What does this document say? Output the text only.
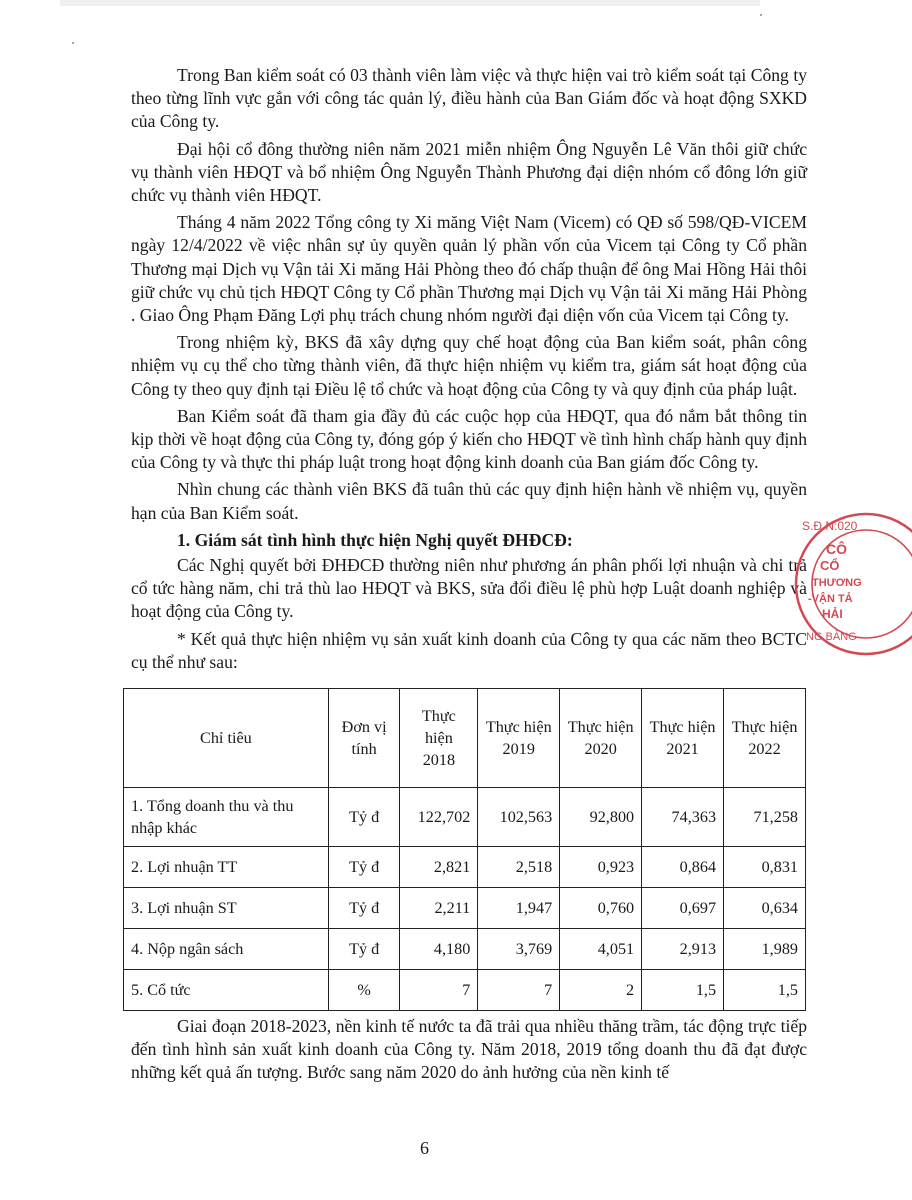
Trong Ban kiểm soát có 03 thành viên làm việc và thực hiện vai trò kiểm soát tại Công ty theo từng lĩnh vực gắn với công tác quản lý, điều hành của Ban Giám đốc và hoạt động SXKD của Công ty.

Đại hội cổ đông thường niên năm 2021 miễn nhiệm Ông Nguyễn Lê Văn thôi giữ chức vụ thành viên HĐQT và bổ nhiệm Ông Nguyễn Thành Phương đại diện nhóm cổ đông lớn giữ chức vụ thành viên HĐQT.

Tháng 4 năm 2022 Tổng công ty Xi măng Việt Nam (Vicem) có QĐ số 598/QĐ-VICEM ngày 12/4/2022 về việc nhân sự ủy quyền quản lý phần vốn của Vicem tại Công ty Cổ phần Thương mại Dịch vụ Vận tải Xi măng Hải Phòng theo đó chấp thuận để ông Mai Hồng Hải thôi giữ chức vụ chủ tịch HĐQT Công ty Cổ phần Thương mại Dịch vụ Vận tải Xi măng Hải Phòng . Giao Ông Phạm Đăng Lợi phụ trách chung nhóm người đại diện vốn của Vicem tại Công ty.

Trong nhiệm kỳ, BKS đã xây dựng quy chế hoạt động của Ban kiểm soát, phân công nhiệm vụ cụ thể cho từng thành viên, đã thực hiện nhiệm vụ kiểm tra, giám sát hoạt động của Công ty theo quy định tại Điều lệ tổ chức và hoạt động của Công ty và quy định của pháp luật.

Ban Kiểm soát đã tham gia đầy đủ các cuộc họp của HĐQT, qua đó nắm bắt thông tin kịp thời về hoạt động của Công ty, đóng góp ý kiến cho HĐQT về tình hình chấp hành quy định của Công ty và thực thi pháp luật trong hoạt động kinh doanh của Ban giám đốc Công ty.

Nhìn chung các thành viên BKS đã tuân thủ các quy định hiện hành về nhiệm vụ, quyền hạn của Ban Kiểm soát.

1. Giám sát tình hình thực hiện Nghị quyết ĐHĐCĐ:

Các Nghị quyết bởi ĐHĐCĐ thường niên như phương án phân phối lợi nhuận và chi trả cổ tức hàng năm, chi trả thù lao HĐQT và BKS, sửa đổi điều lệ phù hợp Luật doanh nghiệp và hoạt động của Công ty.

* Kết quả thực hiện nhiệm vụ sản xuất kinh doanh của Công ty qua các năm theo BCTC cụ thể như sau:

Chỉ tiêu	Đơn vị tính	Thực hiện 2018	Thực hiện 2019	Thực hiện 2020	Thực hiện 2021	Thực hiện 2022
1. Tổng doanh thu và thu nhập khác	Tỷ đ	122,702	102,563	92,800	74,363	71,258
2. Lợi nhuận TT	Tỷ đ	2,821	2,518	0,923	0,864	0,831
3. Lợi nhuận ST	Tỷ đ	2,211	1,947	0,760	0,697	0,634
4. Nộp ngân sách	Tỷ đ	4,180	3,769	4,051	2,913	1,989
5. Cổ tức	%	7	7	2	1,5	1,5

Giai đoạn 2018-2023, nền kinh tế nước ta đã trải qua nhiều thăng trầm, tác động trực tiếp đến tình hình sản xuất kinh doanh của Công ty. Năm 2018, 2019 tổng doanh thu đã đạt được những kết quả ấn tượng. Bước sang năm 2020 do ảnh hưởng của nền kinh tế

6
S.Đ.N:020
CÔ
CỔ
THƯƠNG
-VẬN TẢ
HẢI
NG BÀNG
